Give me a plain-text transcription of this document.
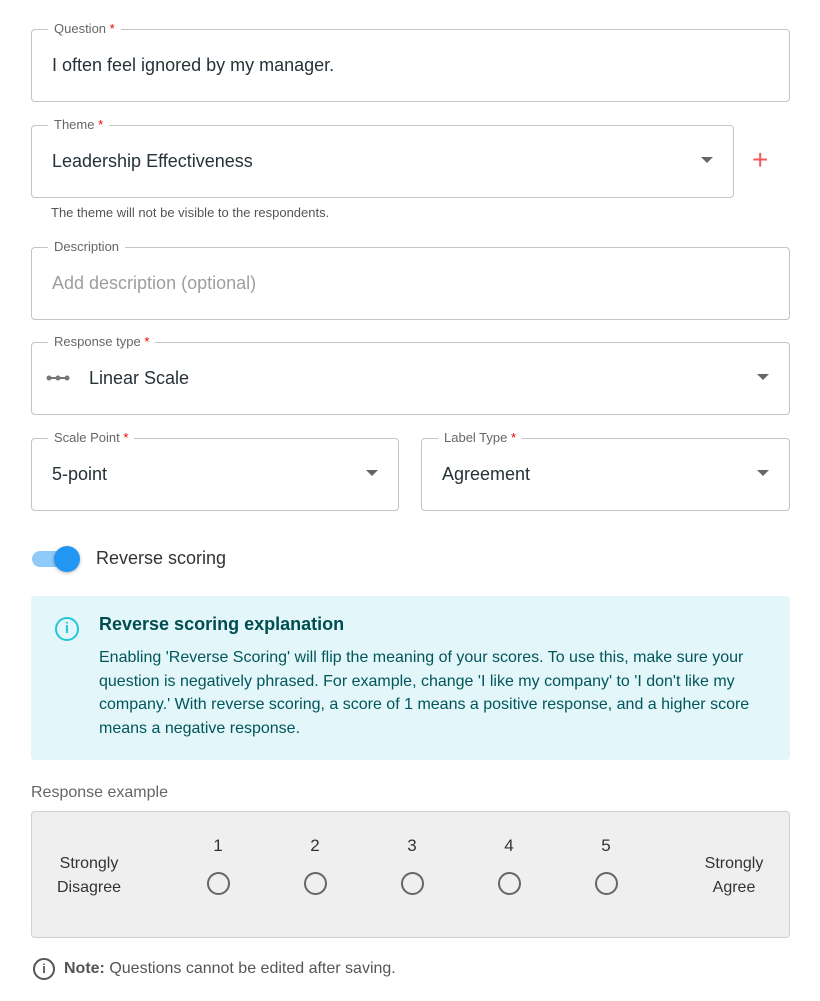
Question *
I often feel ignored by my manager.
Theme *
Leadership Effectiveness	+
The theme will not be visible to the respondents.
Description
Add description (optional)
Response type *
Linear Scale
Scale Point *
5-point
Label Type *
Agreement
Reverse scoring
i	Reverse scoring explanation
Enabling 'Reverse Scoring' will flip the meaning of your scores. To use this, make sure your question is negatively phrased. For example, change 'I like my company' to 'I don't like my company.' With reverse scoring, a score of 1 means a positive response, and a higher score means a negative response.
Response example
Strongly Disagree
1	2	3	4	5
Strongly Agree
i	Note: Questions cannot be edited after saving.
